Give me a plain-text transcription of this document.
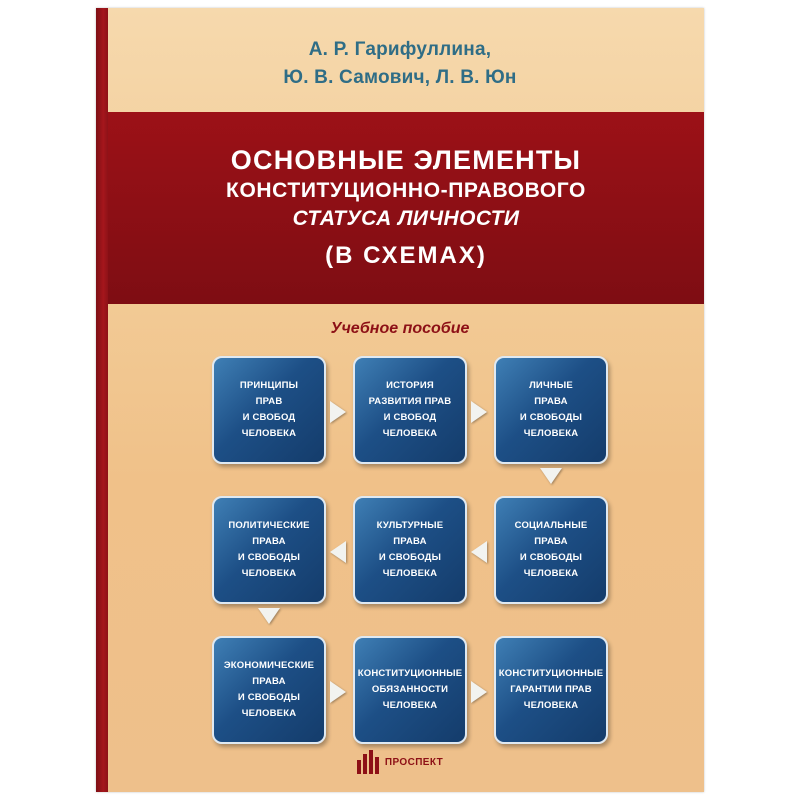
А. Р. Гарифуллина,
Ю. В. Самович, Л. В. Юн
ОСНОВНЫЕ ЭЛЕМЕНТЫ
КОНСТИТУЦИОННО-ПРАВОВОГО
СТАТУСА ЛИЧНОСТИ
(В СХЕМАХ)
Учебное пособие
ПРИНЦИПЫ
ПРАВ
И СВОБОД
ЧЕЛОВЕКА
ИСТОРИЯ
РАЗВИТИЯ ПРАВ
И СВОБОД
ЧЕЛОВЕКА
ЛИЧНЫЕ
ПРАВА
И СВОБОДЫ
ЧЕЛОВЕКА
ПОЛИТИЧЕСКИЕ
ПРАВА
И СВОБОДЫ
ЧЕЛОВЕКА
КУЛЬТУРНЫЕ
ПРАВА
И СВОБОДЫ
ЧЕЛОВЕКА
СОЦИАЛЬНЫЕ
ПРАВА
И СВОБОДЫ
ЧЕЛОВЕКА
ЭКОНОМИЧЕСКИЕ
ПРАВА
И СВОБОДЫ
ЧЕЛОВЕКА
КОНСТИТУЦИОННЫЕ
ОБЯЗАННОСТИ
ЧЕЛОВЕКА
КОНСТИТУЦИОННЫЕ
ГАРАНТИИ ПРАВ
ЧЕЛОВЕКА
ПРОСПЕКТ
